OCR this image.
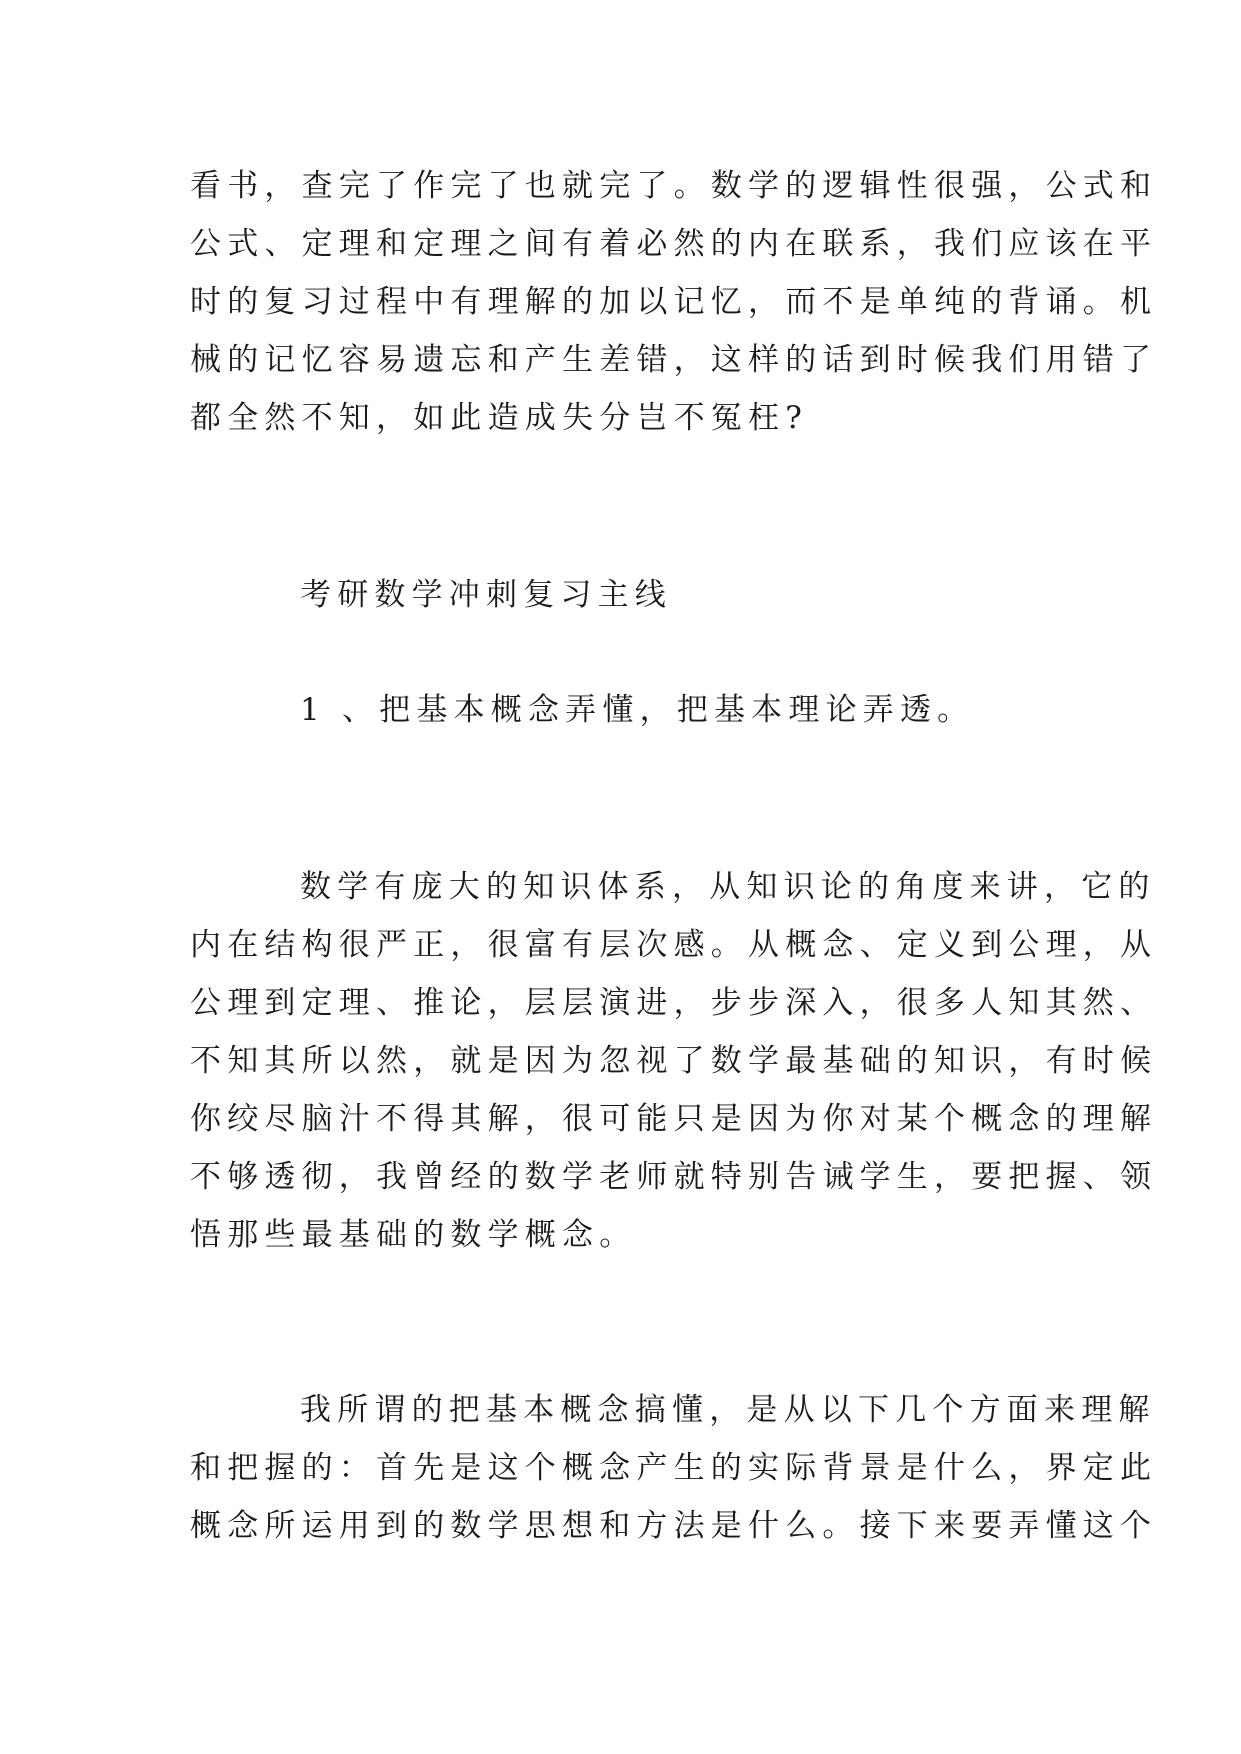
看书，查完了作完了也就完了。数学的逻辑性很强，公式和
公式、定理和定理之间有着必然的内在联系，我们应该在平
时的复习过程中有理解的加以记忆，而不是单纯的背诵。机
械的记忆容易遗忘和产生差错，这样的话到时候我们用错了
都全然不知，如此造成失分岂不冤枉?
考研数学冲刺复习主线
1 、把基本概念弄懂，把基本理论弄透。
数学有庞大的知识体系，从知识论的角度来讲，它的
内在结构很严正，很富有层次感。从概念、定义到公理，从
公理到定理、推论，层层演进，步步深入，很多人知其然、
不知其所以然，就是因为忽视了数学最基础的知识，有时候
你绞尽脑汁不得其解，很可能只是因为你对某个概念的理解
不够透彻，我曾经的数学老师就特别告诫学生，要把握、领
悟那些最基础的数学概念。
我所谓的把基本概念搞懂，是从以下几个方面来理解
和把握的：首先是这个概念产生的实际背景是什么，界定此
概念所运用到的数学思想和方法是什么。接下来要弄懂这个
